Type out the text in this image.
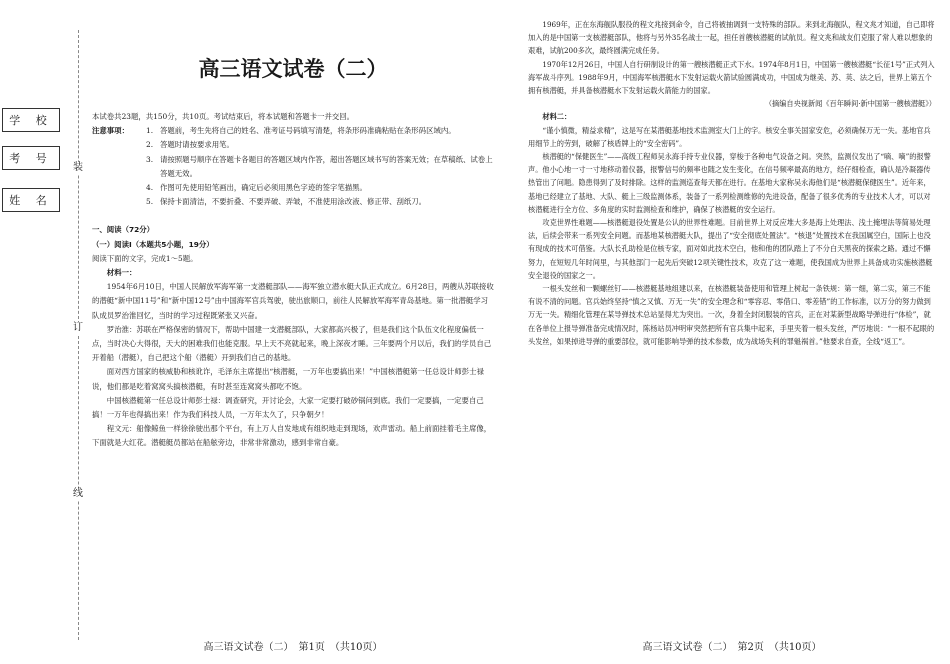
学 校
考 号
姓 名
装
订
线
高三语文试卷（二）

本试卷共23题，共150分，共10页。考试结束后，将本试题和答题卡一并交回。

注意事项：	1. 答题前，考生先将自己的姓名、准考证号码填写清楚，将条形码准确粘贴在条形码区域内。
2. 答题时请按要求用笔。
3. 请按照题号顺序在答题卡各题目的答题区域内作答，超出答题区域书写的答案无效；在草稿纸、试卷上答题无效。
4. 作图可先使用铅笔画出，确定后必须用黑色字迹的签字笔描黑。
5. 保持卡面清洁，不要折叠、不要弄破、弄皱，不准使用涂改液、修正带、刮纸刀。

一、阅读（72分）

（一）阅读Ⅰ（本题共5小题，19分）

阅读下面的文字，完成1～5题。

材料一：

1954年6月10日，中国人民解放军海军第一支潜艇部队——海军独立潜水艇大队正式成立。6月28日，两艘从苏联接收的潜艇“新中国11号”和“新中国12号”由中国海军官兵驾驶，驶出旅顺口，前往人民解放军海军青岛基地。第一批潜艇学习队成员罗治淮回忆，当时的学习过程既紧张又兴奋。

罗治淮：苏联在严格保密的情况下，帮助中国建一支潜艇部队，大家都高兴极了，但是我们这个队伍文化程度偏低一点，当时决心大得很，天大的困难我们也能克服。早上天不亮就起来，晚上深夜才睡。三年要两个月以后，我们的学员自己开着船（潜艇），自己把这个船（潜艇）开到我们自己的基地。

面对西方国家的核威胁和核讹诈，毛泽东主席提出“核潜艇，一万年也要搞出来！”中国核潜艇第一任总设计师彭士禄说，他们都是吃着窝窝头搞核潜艇，有时甚至连窝窝头都吃不饱。

中国核潜艇第一任总设计师彭士禄：调查研究，开讨论会，大家一定要打破砂锅问到底。我们一定要搞，一定要自己搞！一万年也得搞出来！作为我们科技人员，一万年太久了，只争朝夕！

程文元：船像鲸鱼一样徐徐驶出那个平台，有上万人自发地成有组织地走到现场，欢声雷动。船上前面挂着毛主席像，下面就是大红花。潜艇艇员都站在船舷旁边，非常非常激动，感到非常自豪。

1969年，正在东海舰队服役的程文兆接到命令，自己将被抽调到一支特殊的部队。来到北海舰队，程文兆才知道，自己即将加入的是中国第一支核潜艇部队，他将与另外35名战士一起，担任首艘核潜艇的试航员。程文兆和战友们克服了常人难以想象的艰难，试航200多次，最终圆满完成任务。

1970年12月26日，中国人自行研制设计的第一艘核潜艇正式下水。1974年8月1日，中国第一艘核潜艇“长征1号”正式列入海军战斗序列。1988年9月，中国海军核潜艇水下发射运载火箭试验圆满成功，中国成为继美、苏、英、法之后，世界上第五个拥有核潜艇，并具备核潜艇水下发射运载火箭能力的国家。

（摘编自央视新闻《百年瞬间·新中国第一艘核潜艇》）

材料二：

“谨小慎微，精益求精”，这是写在某潜艇基地技术监测室大门上的字。核安全事关国家安危，必须确保万无一失。基地官兵用细节上的劳到，破解了核盾牌上的“安全密码”。

核潜艇的“保健医生”——高级工程师吴永海手持专业仪器，穿梭于各种电气设备之间。突然，监测仪发出了“嘀、嘀”的报警声。他小心地一寸一寸地移动着仪器，报警信号的频率也随之发生变化，在信号频率最高的地方，经仔细检查，确认是冷凝器传热管出了问题。隐患得到了及时排除。这样的监测巡查每天都在进行。在基地大家称吴永海他们是“核潜艇保健医生”。近年来，基地已经建立了基地、大队、艇上三级监测体系，装备了一系列检测维修的先进设备，配备了很多优秀的专业技术人才，可以对核潜艇进行全方位、多角度的实时监测检查和维护，确保了核潜艇的安全运行。

攻克世界性难题——核潜艇退役处置是公认的世界性难题。目前世界上对反应堆大多是海上处理法、浅土掩埋法等简易处理法，后续会带来一系列安全问题。而基地某核潜艇大队，提出了“安全彻底处置法”。“核退”处置技术在我国属空白，国际上也没有现成的技术可借鉴。大队长孔助检是位核专家，面对如此技术空白，他和他的团队踏上了不分白天黑夜的探索之路。通过不懈努力，在短短几年时间里，与其他部门一起先后突破12项关键性技术，攻克了这一难题，使我国成为世界上具备成功实施核潜艇安全退役的国家之一。

一根头发丝和一颗螺丝钉——核潜艇基地组建以来，在核潜艇装备使用和管理上树起一条铁规：第一细，第二实，第三不能有说不清的问题。官兵始终坚持“慎之又慎、万无一失”的安全理念和“零容忍、零借口、零差错”的工作标准，以万分的努力做到万无一失。精细化管理在某导弹技术总站显得尤为突出。一次，身着全封闭服装的官兵，正在对某新型战略导弹进行“体检”，就在各单位上报导弹准备完成情况时，陈杨站员冲明审突然把所有官兵集中起来，手里夹着一根头发丝，严厉地说：“一根不起眼的头发丝，如果掉进导弹的重要部位，就可能影响导弹的技术参数，成为战场失利的罪魁祸首。”他要求自查，全线“返工”。

高三语文试卷（二）　第1页　（共10页）	高三语文试卷（二）　第2页　（共10页）
